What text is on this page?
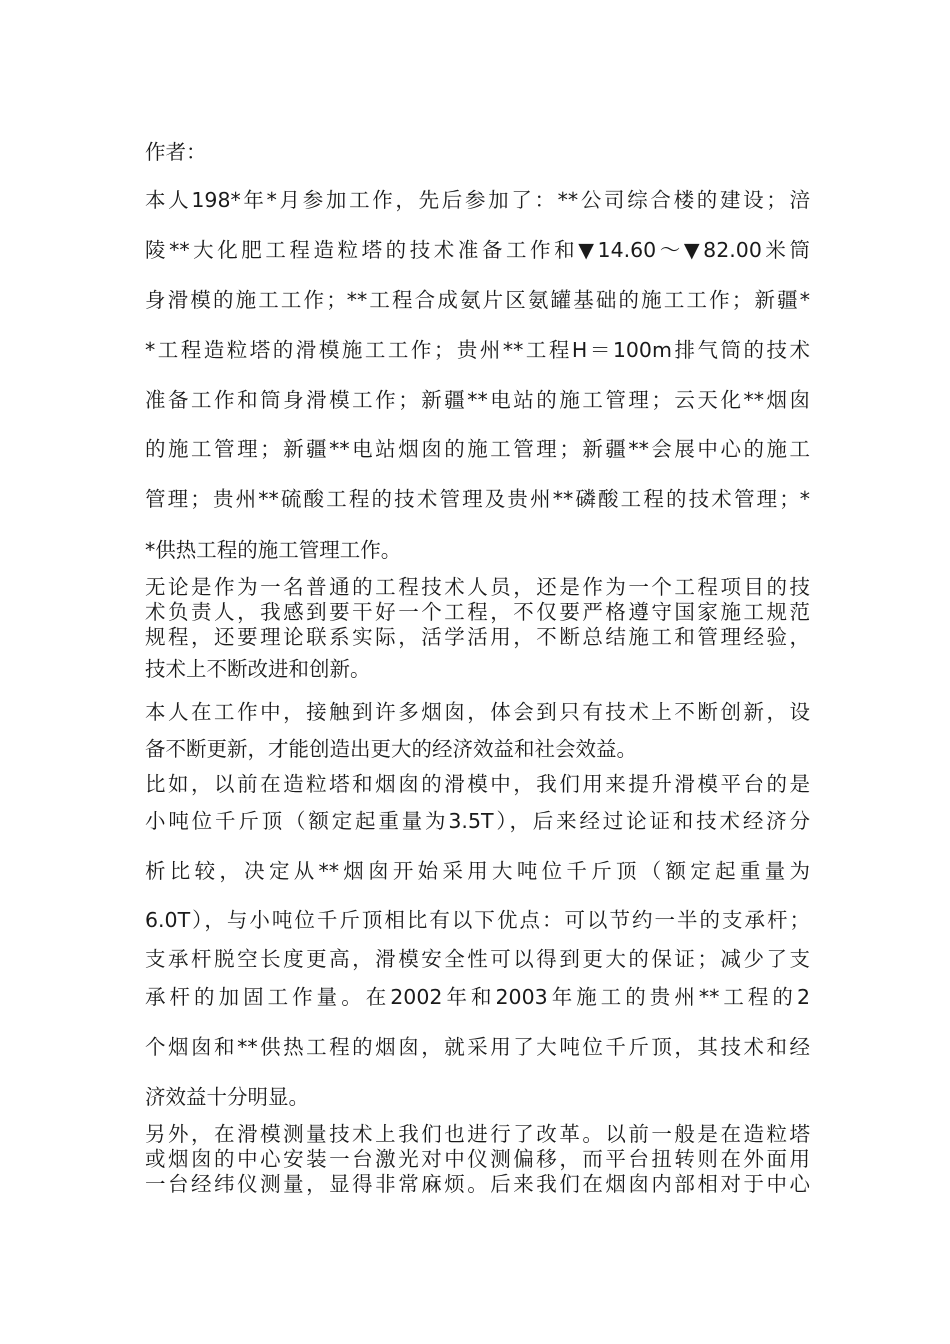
作者：

本人198*年*月参加工作，先后参加了：**公司综合楼的建设；涪

陵**大化肥工程造粒塔的技术准备工作和▼14.60～▼82.00米筒

身滑模的施工工作；**工程合成氨片区氨罐基础的施工工作；新疆*

*工程造粒塔的滑模施工工作；贵州**工程H＝100m排气筒的技术

准备工作和筒身滑模工作；新疆**电站的施工管理；云天化**烟囱

的施工管理；新疆**电站烟囱的施工管理；新疆**会展中心的施工

管理；贵州**硫酸工程的技术管理及贵州**磷酸工程的技术管理；*

*供热工程的施工管理工作。

无论是作为一名普通的工程技术人员，还是作为一个工程项目的技

术负责人，我感到要干好一个工程，不仅要严格遵守国家施工规范

规程，还要理论联系实际，活学活用，不断总结施工和管理经验，

技术上不断改进和创新。

本人在工作中，接触到许多烟囱，体会到只有技术上不断创新，设

备不断更新，才能创造出更大的经济效益和社会效益。

比如，以前在造粒塔和烟囱的滑模中，我们用来提升滑模平台的是

小吨位千斤顶（额定起重量为3.5T），后来经过论证和技术经济分

析比较，决定从**烟囱开始采用大吨位千斤顶（额定起重量为

6.0T），与小吨位千斤顶相比有以下优点：可以节约一半的支承杆；

支承杆脱空长度更高，滑模安全性可以得到更大的保证；减少了支

承杆的加固工作量。在2002年和2003年施工的贵州**工程的2

个烟囱和**供热工程的烟囱，就采用了大吨位千斤顶，其技术和经

济效益十分明显。

另外，在滑模测量技术上我们也进行了改革。以前一般是在造粒塔

或烟囱的中心安装一台激光对中仪测偏移，而平台扭转则在外面用

一台经纬仪测量，显得非常麻烦。后来我们在烟囱内部相对于中心
